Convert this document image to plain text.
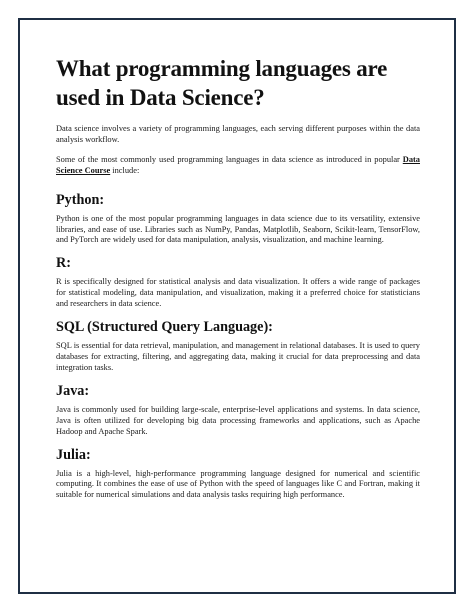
What programming languages are used in Data Science?

Data science involves a variety of programming languages, each serving different purposes within the data analysis workflow.

Some of the most commonly used programming languages in data science as introduced in popular Data Science Course include:

Python:

Python is one of the most popular programming languages in data science due to its versatility, extensive libraries, and ease of use. Libraries such as NumPy, Pandas, Matplotlib, Seaborn, Scikit-learn, TensorFlow, and PyTorch are widely used for data manipulation, analysis, visualization, and machine learning.

R:

R is specifically designed for statistical analysis and data visualization. It offers a wide range of packages for statistical modeling, data manipulation, and visualization, making it a preferred choice for statisticians and researchers in data science.

SQL (Structured Query Language):

SQL is essential for data retrieval, manipulation, and management in relational databases. It is used to query databases for extracting, filtering, and aggregating data, making it crucial for data preprocessing and data integration tasks.

Java:

Java is commonly used for building large-scale, enterprise-level applications and systems. In data science, Java is often utilized for developing big data processing frameworks and applications, such as Apache Hadoop and Apache Spark.

Julia:

Julia is a high-level, high-performance programming language designed for numerical and scientific computing. It combines the ease of use of Python with the speed of languages like C and Fortran, making it suitable for numerical simulations and data analysis tasks requiring high performance.
